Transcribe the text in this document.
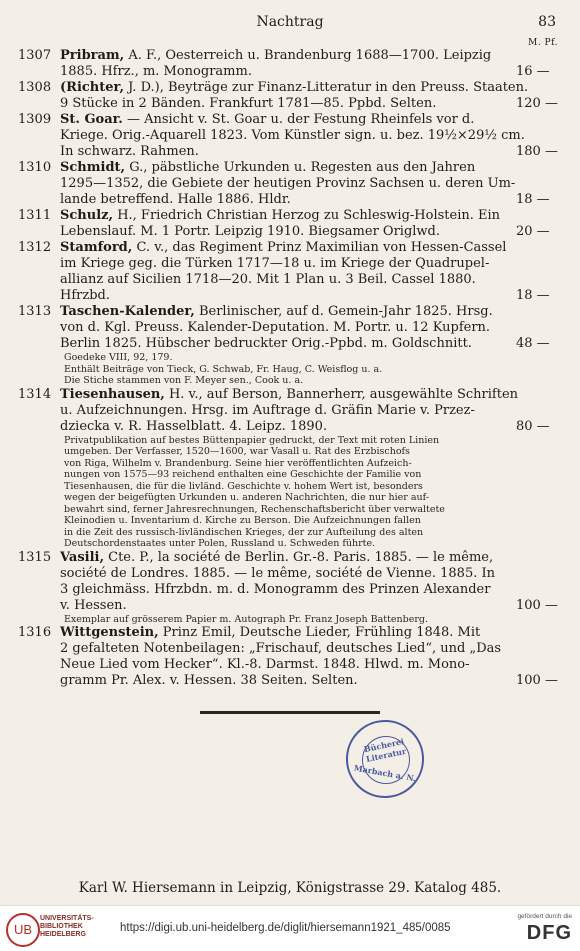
Nachtrag	83
M. Pf.
1307 Pribram, A. F., Oesterreich u. Brandenburg 1688—1700. Leipzig
1885. Hfrz., m. Monogramm.	16 —
1308 (Richter, J. D.), Beyträge zur Finanz-Litteratur in den Preuss. Staaten.
9 Stücke in 2 Bänden. Frankfurt 1781—85. Ppbd. Selten.	120 —
1309 St. Goar. — Ansicht v. St. Goar u. der Festung Rheinfels vor d.
Kriege. Orig.-Aquarell 1823. Vom Künstler sign. u. bez. 19½×29½ cm.
In schwarz. Rahmen.	180 —
1310 Schmidt, G., päbstliche Urkunden u. Regesten aus den Jahren
1295—1352, die Gebiete der heutigen Provinz Sachsen u. deren Um-
lande betreffend. Halle 1886. Hldr.	18 —
1311 Schulz, H., Friedrich Christian Herzog zu Schleswig-Holstein. Ein
Lebenslauf. M. 1 Portr. Leipzig 1910. Biegsamer Origlwd.	20 —
1312 Stamford, C. v., das Regiment Prinz Maximilian von Hessen-Cassel
im Kriege geg. die Türken 1717—18 u. im Kriege der Quadrupel-
allianz auf Sicilien 1718—20. Mit 1 Plan u. 3 Beil. Cassel 1880.
Hfrzbd.	18 —
1313 Taschen-Kalender, Berlinischer, auf d. Gemein-Jahr 1825. Hrsg.
von d. Kgl. Preuss. Kalender-Deputation. M. Portr. u. 12 Kupfern.
Berlin 1825. Hübscher bedruckter Orig.-Ppbd. m. Goldschnitt.	48 —
Goedeke VIII, 92, 179.
Enthält Beiträge von Tieck, G. Schwab, Fr. Haug, C. Weisflog u. a.
Die Stiche stammen von F. Meyer sen., Cook u. a.
1314 Tiesenhausen, H. v., auf Berson, Bannerherr, ausgewählte Schriften
u. Aufzeichnungen. Hrsg. im Auftrage d. Gräfin Marie v. Przez-
dziecka v. R. Hasselblatt. 4. Leipz. 1890.	80 —
Privatpublikation auf bestes Büttenpapier gedruckt, der Text mit roten Linien
umgeben. Der Verfasser, 1520—1600, war Vasall u. Rat des Erzbischofs
von Riga, Wilhelm v. Brandenburg. Seine hier veröffentlichten Aufzeich-
nungen von 1575—93 reichend enthalten eine Geschichte der Familie von
Tiesenhausen, die für die livländ. Geschichte v. hohem Wert ist, besonders
wegen der beigefügten Urkunden u. anderen Nachrichten, die nur hier auf-
bewahrt sind, ferner Jahresrechnungen, Rechenschaftsbericht über verwaltete
Kleinodien u. Inventarium d. Kirche zu Berson. Die Aufzeichnungen fallen
in die Zeit des russisch-livländischen Krieges, der zur Aufteilung des alten
Deutschordenstaates unter Polen, Russland u. Schweden führte.
1315 Vasili, Cte. P., la société de Berlin. Gr.-8. Paris. 1885. — le même,
société de Londres. 1885. — le même, société de Vienne. 1885. In
3 gleichmäss. Hfrzbdn. m. d. Monogramm des Prinzen Alexander
v. Hessen.	100 —
Exemplar auf grösserem Papier m. Autograph Pr. Franz Joseph Battenberg.
1316 Wittgenstein, Prinz Emil, Deutsche Lieder, Frühling 1848. Mit
2 gefalteten Notenbeilagen: „Frischauf, deutsches Lied“, und „Das
Neue Lied vom Hecker“. Kl.-8. Darmst. 1848. Hlwd. m. Mono-
gramm Pr. Alex. v. Hessen. 38 Seiten. Selten.	100 —
Bücherei Literatur
Marbach a. N.
Karl W. Hiersemann in Leipzig, Königstrasse 29. Katalog 485.
UB
UNIVERSITÄTS-
BIBLIOTHEK
HEIDELBERG
https://digi.ub.uni-heidelberg.de/diglit/hiersemann1921_485/0085
gefördert durch die
DFG
